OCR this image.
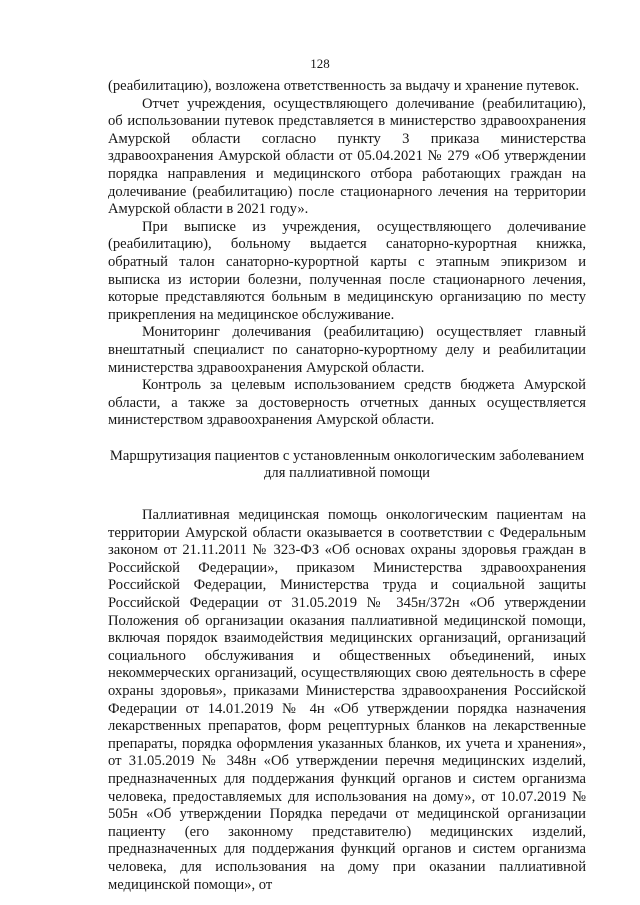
128

(реабилитацию), возложена ответственность за выдачу и хранение путевок.

Отчет учреждения, осуществляющего долечивание (реабилитацию), об использовании путевок представляется в министерство здравоохранения Амурской области согласно пункту 3 приказа министерства здравоохранения Амурской области от 05.04.2021 № 279 «Об утверждении порядка направления и медицинского отбора работающих граждан на долечивание (реабилитацию) после стационарного лечения на территории Амурской области в 2021 году».

При выписке из учреждения, осуществляющего долечивание (реабилитацию), больному выдается санаторно-курортная книжка, обратный талон санаторно-курортной карты с этапным эпикризом и выписка из истории болезни, полученная после стационарного лечения, которые представляются больным в медицинскую организацию по месту прикрепления на медицинское обслуживание.

Мониторинг долечивания (реабилитацию) осуществляет главный внештатный специалист по санаторно-курортному делу и реабилитации министерства здравоохранения Амурской области.

Контроль за целевым использованием средств бюджета Амурской области, а также за достоверность отчетных данных осуществляется министерством здравоохранения Амурской области.

Маршрутизация пациентов с установленным онкологическим заболеванием
для паллиативной помощи

Паллиативная медицинская помощь онкологическим пациентам на территории Амурской области оказывается в соответствии с Федеральным законом от 21.11.2011 № 323-ФЗ «Об основах охраны здоровья граждан в Российской Федерации», приказом Министерства здравоохранения Российской Федерации, Министерства труда и социальной защиты Российской Федерации от 31.05.2019 № 345н/372н «Об утверждении Положения об организации оказания паллиативной медицинской помощи, включая порядок взаимодействия медицинских организаций, организаций социального обслуживания и общественных объединений, иных некоммерческих организаций, осуществляющих свою деятельность в сфере охраны здоровья», приказами Министерства здравоохранения Российской Федерации от 14.01.2019 № 4н «Об утверждении порядка назначения лекарственных препаратов, форм рецептурных бланков на лекарственные препараты, порядка оформления указанных бланков, их учета и хранения», от 31.05.2019 № 348н «Об утверждении перечня медицинских изделий, предназначенных для поддержания функций органов и систем организма человека, предоставляемых для использования на дому», от 10.07.2019 № 505н «Об утверждении Порядка передачи от медицинской организации пациенту (его законному представителю) медицинских изделий, предназначенных для поддержания функций органов и систем организма человека, для использования на дому при оказании паллиативной медицинской помощи», от
